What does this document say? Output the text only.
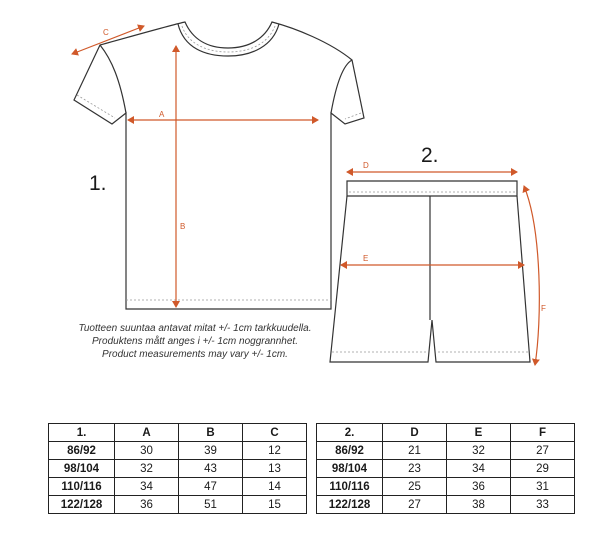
C
A
B
D
E
F
1.
2.
Tuotteen suuntaa antavat mitat +/- 1cm tarkkuudella.
Produktens mått anges i +/- 1cm noggrannhet.
Product measurements may vary +/- 1cm.
1.	A	B	C
86/92	30	39	12
98/104	32	43	13
110/116	34	47	14
122/128	36	51	15
2.	D	E	F
86/92	21	32	27
98/104	23	34	29
110/116	25	36	31
122/128	27	38	33
